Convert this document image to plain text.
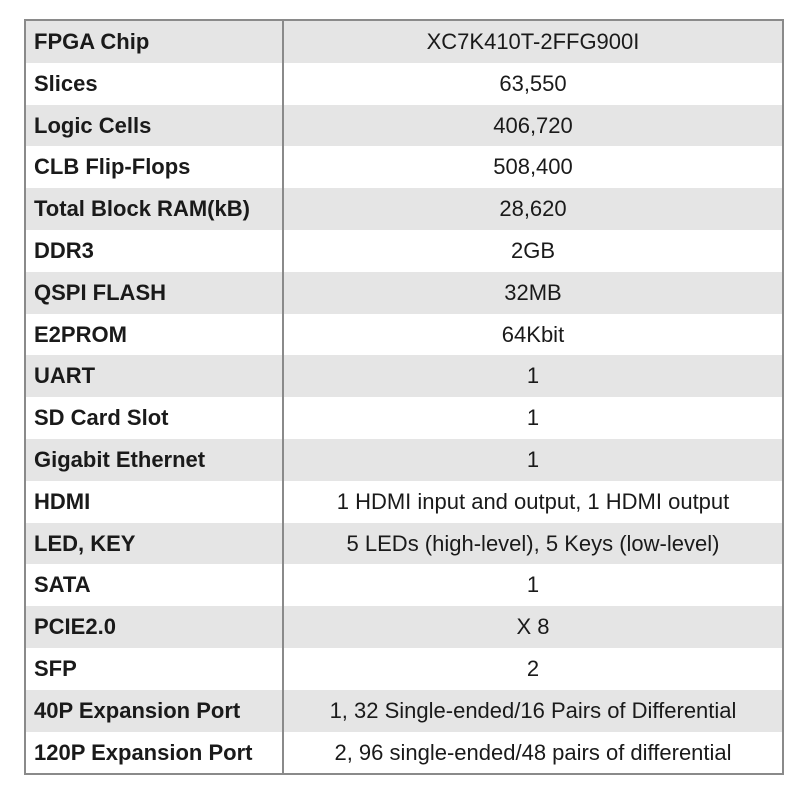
FPGA Chip	XC7K410T-2FFG900I
Slices	63,550
Logic Cells	406,720
CLB Flip-Flops	508,400
Total Block RAM(kB)	28,620
DDR3	2GB
QSPI FLASH	32MB
E2PROM	64Kbit
UART	1
SD Card Slot	1
Gigabit Ethernet	1
HDMI	1 HDMI input and output, 1 HDMI output
LED, KEY	5 LEDs (high-level), 5 Keys (low-level)
SATA	1
PCIE2.0	X 8
SFP	2
40P Expansion Port	1, 32 Single-ended/16 Pairs of Differential
120P Expansion Port	2, 96 single-ended/48 pairs of differential
